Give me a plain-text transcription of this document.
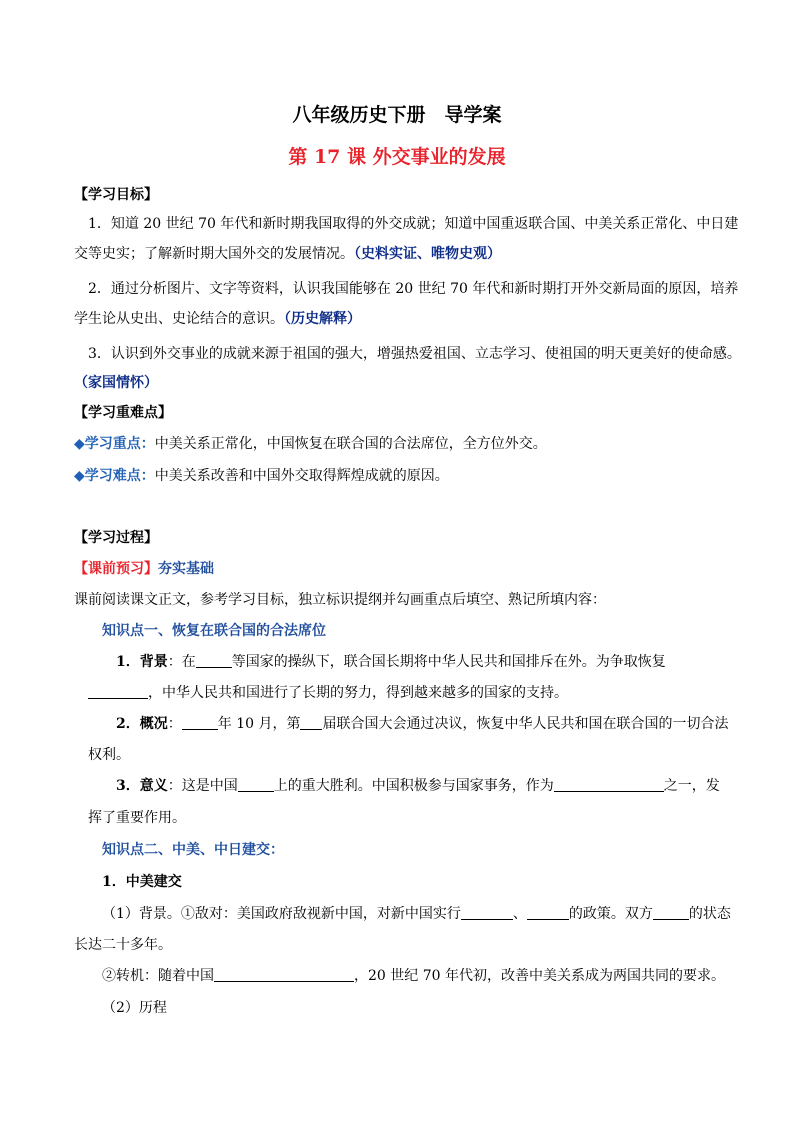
八年级历史下册　导学案
第 17 课 外交事业的发展
【学习目标】
1．知道 20 世纪 70 年代和新时期我国取得的外交成就；知道中国重返联合国、中美关系正常化、中日建
交等史实；了解新时期大国外交的发展情况。（史料实证、唯物史观）
2．通过分析图片、文字等资料，认识我国能够在 20 世纪 70 年代和新时期打开外交新局面的原因，培养
学生论从史出、史论结合的意识。（历史解释）
3．认识到外交事业的成就来源于祖国的强大，增强热爱祖国、立志学习、使祖国的明天更美好的使命感。
（家国情怀）
【学习重难点】
◆学习重点：中美关系正常化，中国恢复在联合国的合法席位，全方位外交。
◆学习难点：中美关系改善和中国外交取得辉煌成就的原因。
【学习过程】
【课前预习】夯实基础
课前阅读课文正文，参考学习目标，独立标识提纲并勾画重点后填空、熟记所填内容：
知识点一、恢复在联合国的合法席位
1．背景：在	等国家的操纵下，联合国长期将中华人民共和国排斥在外。为争取恢复
，中华人民共和国进行了长期的努力，得到越来越多的国家的支持。
2．概况：	年 10 月，第 届联合国大会通过决议，恢复中华人民共和国在联合国的一切合法
权利。
3．意义：这是中国	上的重大胜利。中国积极参与国家事务，作为	之一，发
挥了重要作用。
知识点二、中美、中日建交：
1．中美建交
（1）背景。①敌对：美国政府敌视新中国，对新中国实行	、	的政策。双方	的状态
长达二十多年。
②转机：随着中国	，20 世纪 70 年代初，改善中美关系成为两国共同的要求。
（2）历程
